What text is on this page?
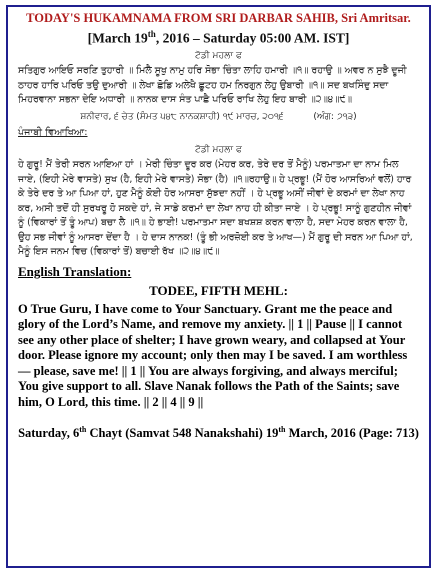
TODAY'S HUKAMNAMA FROM SRI DARBAR SAHIB, Sri Amritsar.

[March 19th, 2016 – Saturday 05:00 AM. IST]

ਟੋਡੀ ਮਹਲਾ ਫ

ਸਤਿਗੁਰ ਆਇਓ ਸਰਣਿ ਤੁਹਾਰੀ ॥ ਮਿਲੈ ਸੂਖੁ ਨਾਮੁ ਹਰਿ ਸੋਭਾ ਚਿੰਤਾ ਲਾਹਿ ਹਮਾਰੀ ॥੧॥ ਰਹਾਉ ॥ ਅਵਰ ਨ ਸੁਝੈ ਦੂਜੀ ਠਾਹਰ ਹਾਰਿ ਪਰਿਓ ਤਉ ਦੁਆਰੀ ॥ ਲੇਖਾ ਛੋਡਿ ਅਲੇਖੈ ਛੂਟਹ ਹਮ ਨਿਰਗੁਨ ਲੇਹੁ ਉਬਾਰੀ ॥੧॥ ਸਦ ਬਖਸਿੰਦੁ ਸਦਾ ਮਿਹਰਵਾਨਾ ਸਭਨਾ ਦੇਇ ਅਧਾਰੀ ॥ ਨਾਨਕ ਦਾਸ ਸੰਤ ਪਾਛੈ ਪਰਿਓ ਰਾਖਿ ਲੇਹੁ ਇਹ ਬਾਰੀ ॥੨॥੪॥੯॥

ਸ਼ਨੀਵਾਰ, ੬ ਚੇਤ (ਸੰਮਤ ੫੪੮ ਨਾਨਕਸ਼ਾਹੀ) ੧੯ ਮਾਰਚ, ੨੦੧੬	(ਅੰਗ: ੭੧੩)

ਪੰਜਾਬੀ ਵਿਆਖਿਆ:

ਟੋਡੀ ਮਹਲਾ ਫ

ਹੇ ਗੁਰੂ! ਮੈਂ ਤੇਰੀ ਸਰਨ ਆਇਆ ਹਾਂ । ਮੇਰੀ ਚਿੰਤਾ ਦੂਰ ਕਰ (ਮੇਹਰ ਕਰ, ਤੇਰੇ ਦਰ ਤੋਂ ਮੈਨੂੰ) ਪਰਮਾਤਮਾ ਦਾ ਨਾਮ ਮਿਲ ਜਾਏ, (ਇਹੀ ਮੇਰੇ ਵਾਸਤੇ) ਸੁਖ (ਹੈ, ਇਹੀ ਮੇਰੇ ਵਾਸਤੇ) ਸੋਭਾ (ਹੈ) ॥੧॥ਰਹਾਉ॥ ਹੇ ਪ੍ਰਭੂ! (ਮੈਂ ਹੋਰ ਆਸਰਿਆਂ ਵਲੋਂ) ਹਾਰ ਕੇ ਤੇਰੇ ਦਰ ਤੇ ਆ ਪਿਆ ਹਾਂ, ਹੁਣ ਮੈਨੂੰ ਕੋਈ ਹੋਰ ਆਸਰਾ ਸੁੱਝਦਾ ਨਹੀਂ । ਹੇ ਪ੍ਰਭੂ ਅਸੀਂ ਜੀਵਾਂ ਦੇ ਕਰਮਾਂ ਦਾ ਲੇਖਾ ਨਾਹ ਕਰ, ਅਸੀ ਤਦੋਂ ਹੀ ਸੁਰਖਰੂ ਹੋ ਸਕਦੇ ਹਾਂ, ਜੇ ਸਾਡੇ ਕਰਮਾਂ ਦਾ ਲੇਖਾ ਨਾਹ ਹੀ ਕੀਤਾ ਜਾਏ । ਹੇ ਪ੍ਰਭੂ! ਸਾਨੂੰ ਗੁਣਹੀਨ ਜੀਵਾਂ ਨੂੰ (ਵਿਕਾਰਾਂ ਤੋਂ ਤੂੰ ਆਪ) ਬਚਾ ਲੈ ॥੧॥ ਹੇ ਭਾਈ! ਪਰਮਾਤਮਾ ਸਦਾ ਬਖਸ਼ਸ਼ ਕਰਨ ਵਾਲਾ ਹੈ, ਸਦਾ ਮੇਹਰ ਕਰਨ ਵਾਲਾ ਹੈ, ਉਹ ਸਭ ਜੀਵਾਂ ਨੂੰ ਆਸਰਾ ਦੇਂਦਾ ਹੈ । ਹੇ ਦਾਸ ਨਾਨਕ! (ਤੂੰ ਭੀ ਅਰਜ਼ੋਈ ਕਰ ਤੇ ਆਖ—) ਮੈਂ ਗੁਰੂ ਦੀ ਸਰਨ ਆ ਪਿਆ ਹਾਂ, ਮੈਨੂੰ ਇਸ ਜਨਮ ਵਿਚ (ਵਿਕਾਰਾਂ ਤੋਂ) ਬਚਾਈ ਰੱਖ ॥੨॥੪॥੯॥

English Translation:

TODEE, FIFTH MEHL:

O True Guru, I have come to Your Sanctuary. Grant me the peace and glory of the Lord’s Name, and remove my anxiety. || 1 || Pause || I cannot see any other place of shelter; I have grown weary, and collapsed at Your door. Please ignore my account; only then may I be saved. I am worthless — please, save me! || 1 || You are always forgiving, and always merciful; You give support to all. Slave Nanak follows the Path of the Saints; save him, O Lord, this time. || 2 || 4 || 9 ||

Saturday, 6th Chayt (Samvat 548 Nanakshahi) 19th March, 2016 (Page: 713)
